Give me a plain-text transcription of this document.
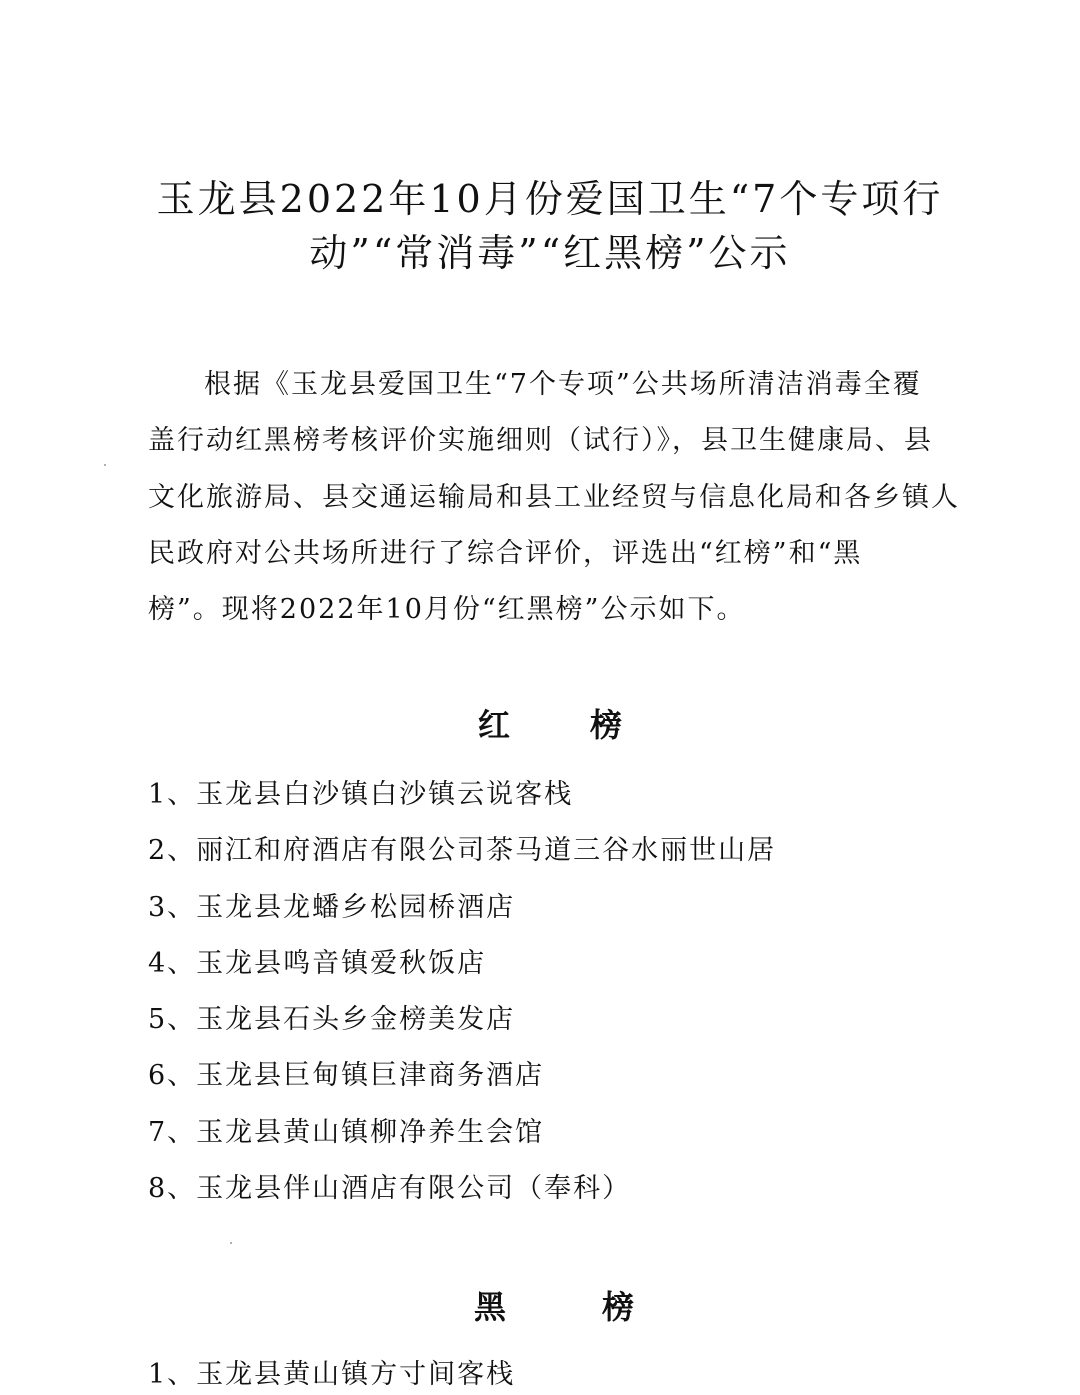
玉龙县2022年10月份爱国卫生“7个专项行
动”“常消毒”“红黑榜”公示

根据《玉龙县爱国卫生“7个专项”公共场所清洁消毒全覆

盖行动红黑榜考核评价实施细则（试行）》，县卫生健康局、县

文化旅游局、县交通运输局和县工业经贸与信息化局和各乡镇人

民政府对公共场所进行了综合评价，评选出“红榜”和“黑

榜”。现将2022年10月份“红黑榜”公示如下。

红 榜

1、玉龙县白沙镇白沙镇云说客栈

2、丽江和府酒店有限公司茶马道三谷水丽世山居

3、玉龙县龙蟠乡松园桥酒店

4、玉龙县鸣音镇爱秋饭店

5、玉龙县石头乡金榜美发店

6、玉龙县巨甸镇巨津商务酒店

7、玉龙县黄山镇柳净养生会馆

8、玉龙县伴山酒店有限公司（奉科）

黑	榜

1、玉龙县黄山镇方寸间客栈
